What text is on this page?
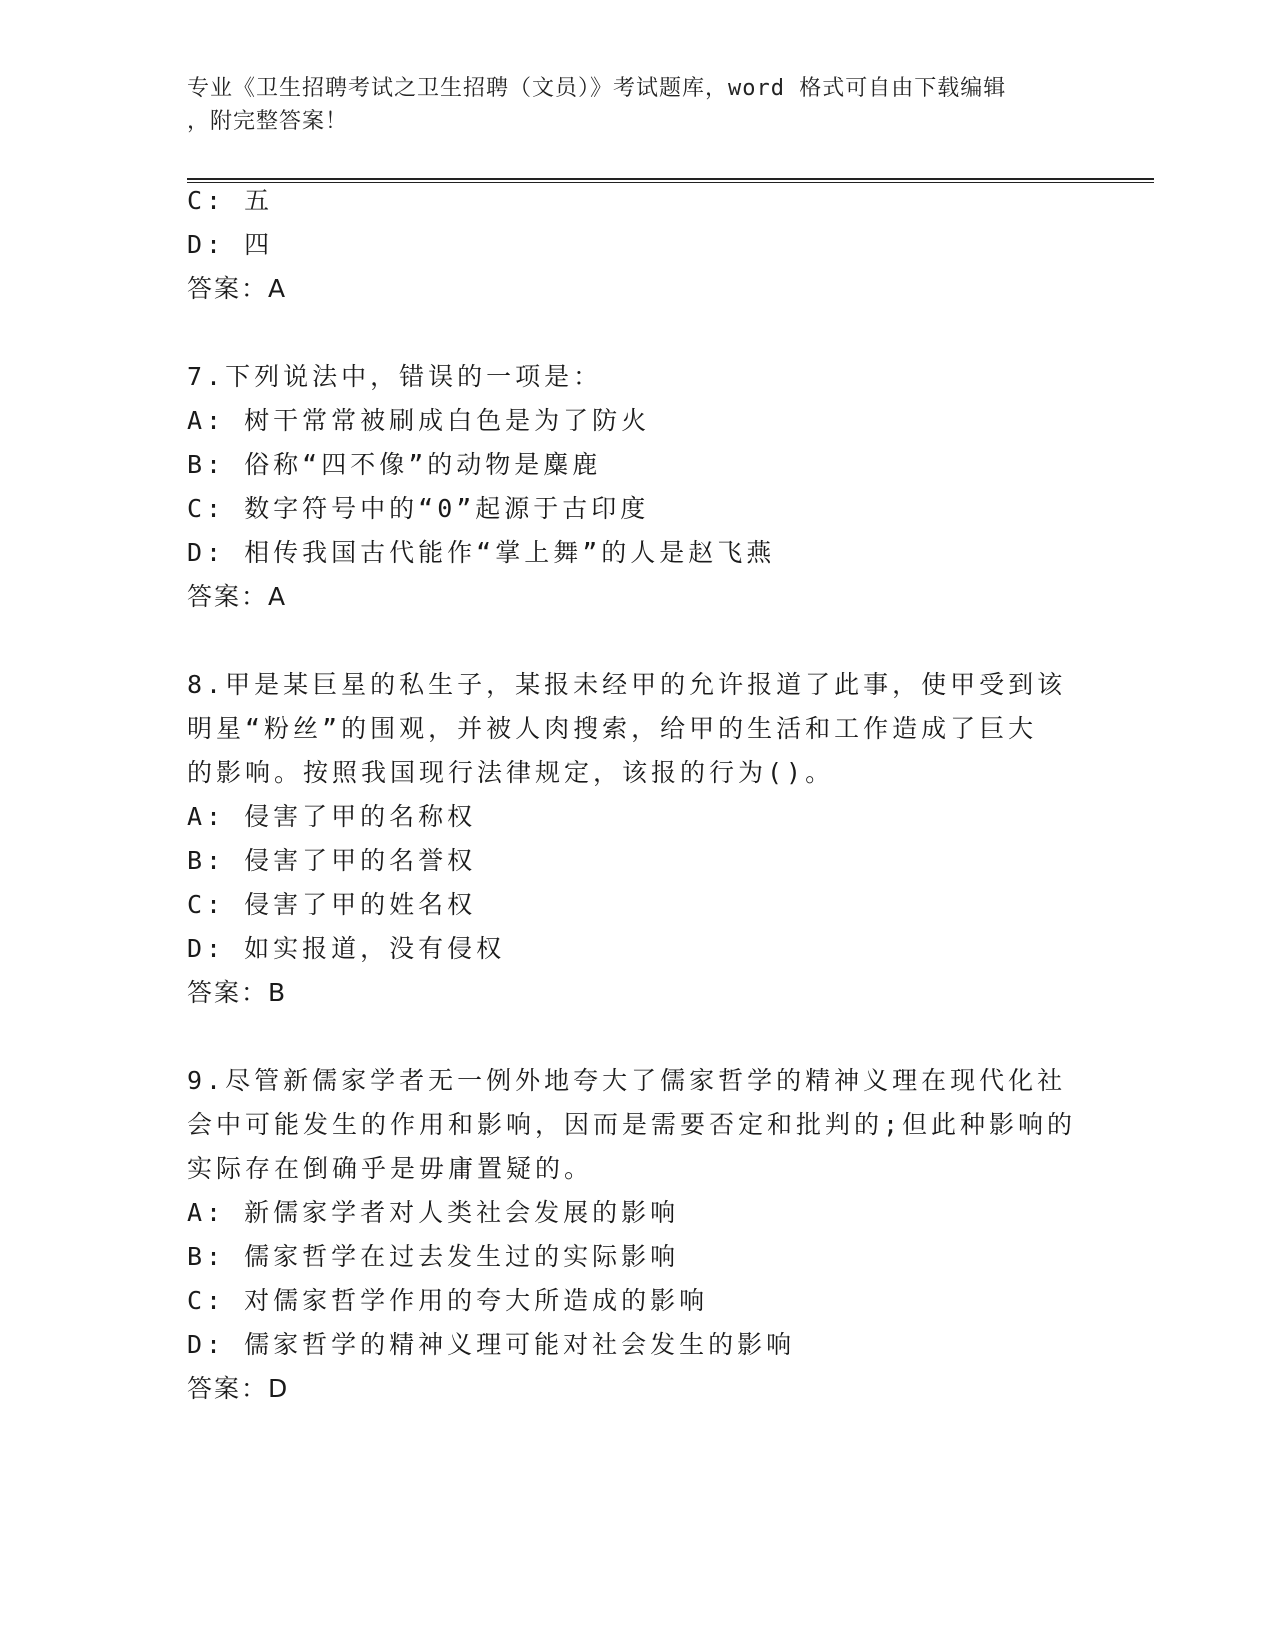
专业《卫生招聘考试之卫生招聘（文员）》考试题库，word 格式可自由下载编辑
，附完整答案！
C: 五
D: 四
答案：A
7.下列说法中，错误的一项是：
A: 树干常常被刷成白色是为了防火
B: 俗称“四不像”的动物是麋鹿
C: 数字符号中的“0”起源于古印度
D: 相传我国古代能作“掌上舞”的人是赵飞燕
答案：A
8.甲是某巨星的私生子，某报未经甲的允许报道了此事，使甲受到该
明星“粉丝”的围观，并被人肉搜索，给甲的生活和工作造成了巨大
的影响。按照我国现行法律规定，该报的行为()。
A: 侵害了甲的名称权
B: 侵害了甲的名誉权
C: 侵害了甲的姓名权
D: 如实报道，没有侵权
答案：B
9.尽管新儒家学者无一例外地夸大了儒家哲学的精神义理在现代化社
会中可能发生的作用和影响，因而是需要否定和批判的;但此种影响的
实际存在倒确乎是毋庸置疑的。
A: 新儒家学者对人类社会发展的影响
B: 儒家哲学在过去发生过的实际影响
C: 对儒家哲学作用的夸大所造成的影响
D: 儒家哲学的精神义理可能对社会发生的影响
答案：D
